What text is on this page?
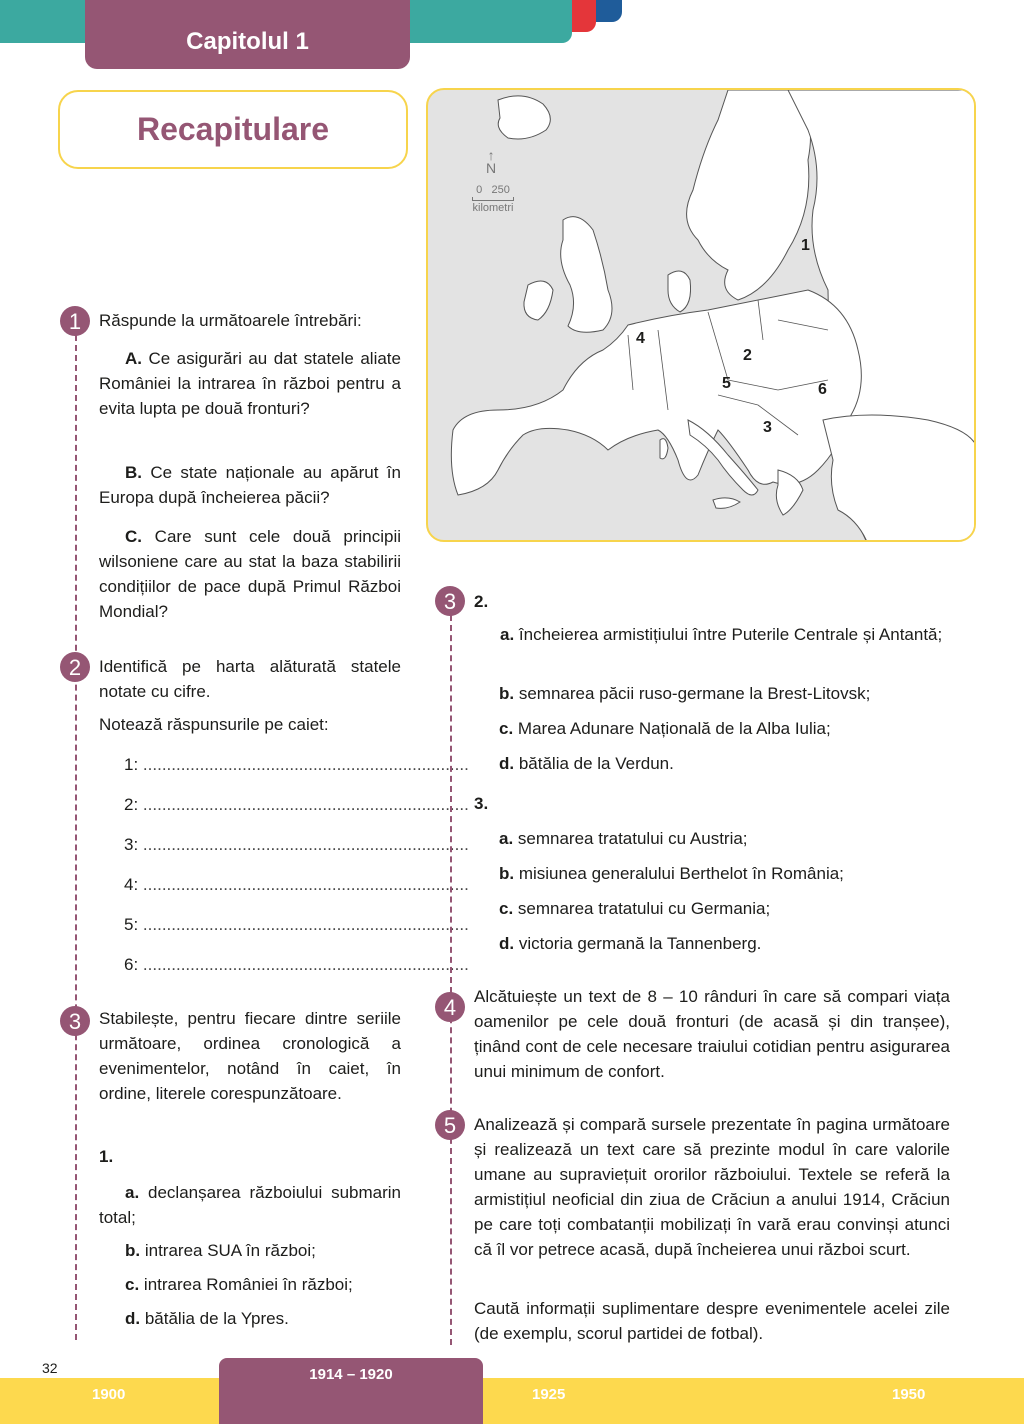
Capitolul 1
Recapitulare
↑
N
0 250
kilometri
1
2
3
4
5	6
1 Răspunde la următoarele întrebări:
A. Ce asigurări au dat statele aliate României la intrarea în război pentru a evita lupta pe două fronturi?
B. Ce state naționale au apărut în Europa după încheierea păcii?
C. Care sunt cele două principii wilsoniene care au stat la baza stabilirii condițiilor de pace după Primul Război Mondial?
2 Identifică pe harta alăturată statele notate cu cifre.
Notează răspunsurile pe caiet:
1: .....................................................................
2: .....................................................................
3: .....................................................................
4: .....................................................................
5: .....................................................................
6: .....................................................................
3 Stabilește, pentru fiecare dintre seriile următoare, ordinea cronologică a evenimentelor, notând în caiet, în ordine, literele corespunzătoare.
1.
a. declanșarea războiului submarin total;
b. intrarea SUA în război;
c. intrarea României în război;
d. bătălia de la Ypres.
3 2.
a. încheierea armistițiului între Puterile Centrale și Antantă;
b. semnarea păcii ruso-germane la Brest-Litovsk;
c. Marea Adunare Națională de la Alba Iulia;
d. bătălia de la Verdun.
3.
a. semnarea tratatului cu Austria;
b. misiunea generalului Berthelot în România;
c. semnarea tratatului cu Germania;
d. victoria germană la Tannenberg.
4 Alcătuiește un text de 8 – 10 rânduri în care să compari viața oamenilor pe cele două fronturi (de acasă și din tranșee), ținând cont de cele necesare traiului cotidian pentru asigurarea unui minimum de confort.
5 Analizează și compară sursele prezentate în pagina următoare și realizează un text care să prezinte modul în care valorile umane au supraviețuit ororilor războiului. Textele se referă la armistițiul neoficial din ziua de Crăciun a anului 1914, Crăciun pe care toți combatanții mobilizați în vară erau convinși atunci că îl vor petrece acasă, după încheierea unui război scurt.
Caută informații suplimentare despre evenimentele acelei zile (de exemplu, scorul partidei de fotbal).
32
1900	1925	1950
1914 – 1920
